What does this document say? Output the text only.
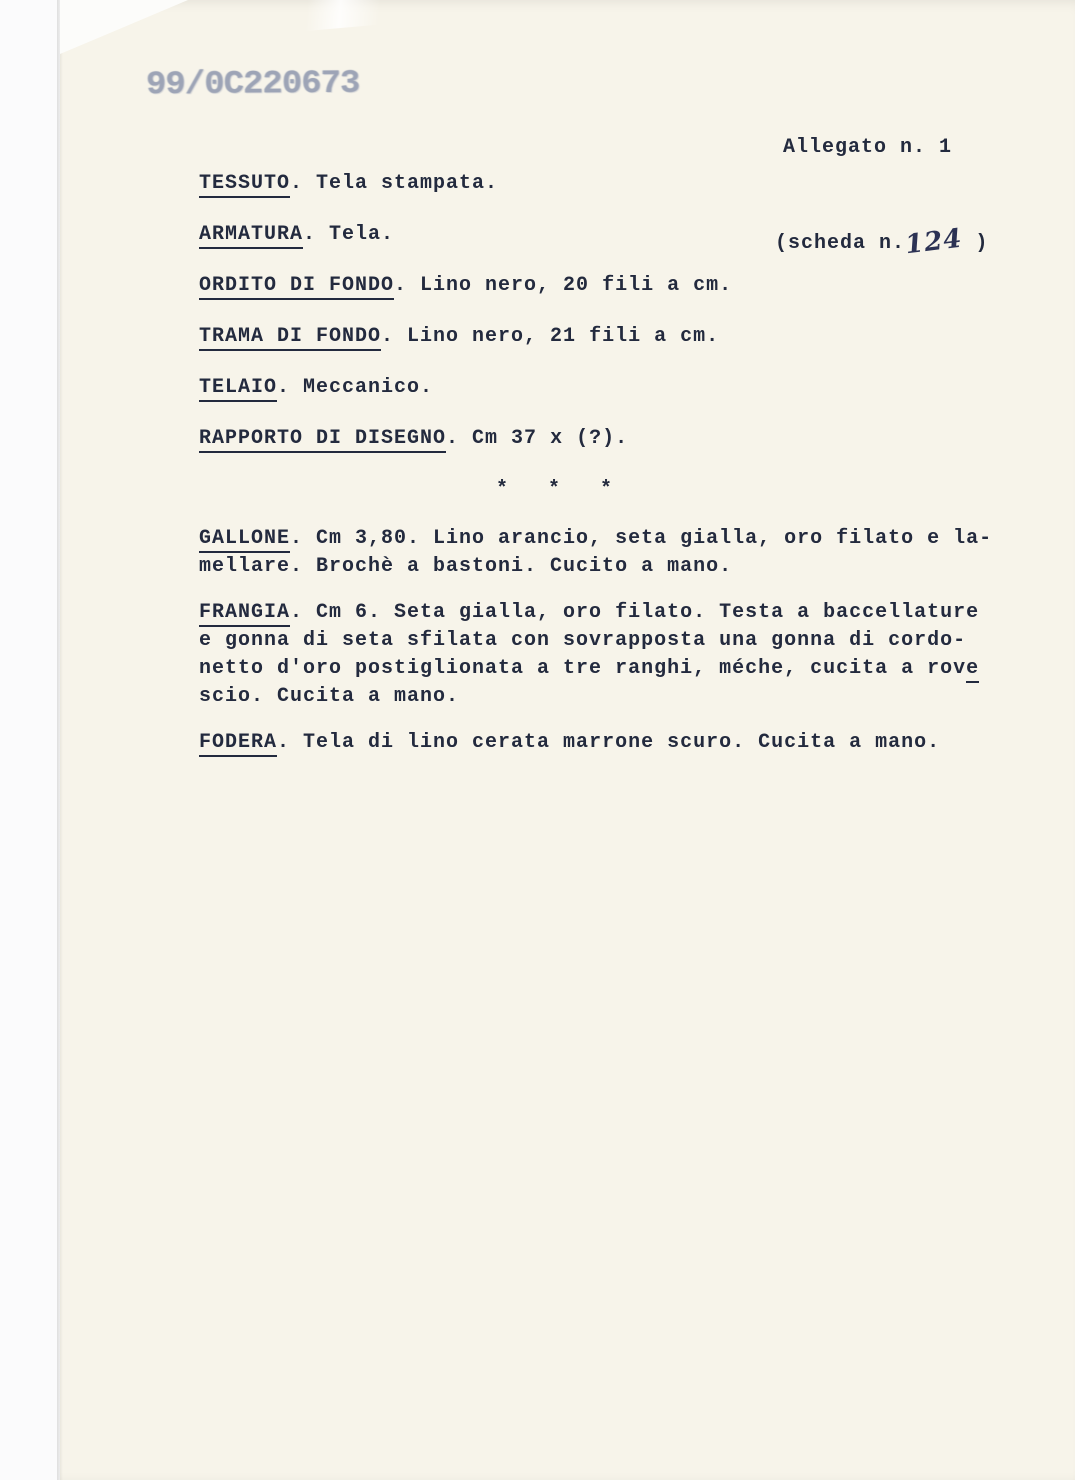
99/0C220673

Allegato n. 1

(scheda n.124 )

TESSUTO. Tela stampata.
ARMATURA. Tela.
ORDITO DI FONDO. Lino nero, 20 fili a cm.
TRAMA DI FONDO. Lino nero, 21 fili a cm.
TELAIO. Meccanico.
RAPPORTO DI DISEGNO. Cm 37 x (?).
* * *
GALLONE. Cm 3,80. Lino arancio, seta gialla, oro filato e la-
mellare. Brochè a bastoni. Cucito a mano.
FRANGIA. Cm 6. Seta gialla, oro filato. Testa a baccellature
e gonna di seta sfilata con sovrapposta una gonna di cordo-
netto d'oro postiglionata a tre ranghi, méche, cucita a rove
scio. Cucita a mano.
FODERA. Tela di lino cerata marrone scuro. Cucita a mano.
